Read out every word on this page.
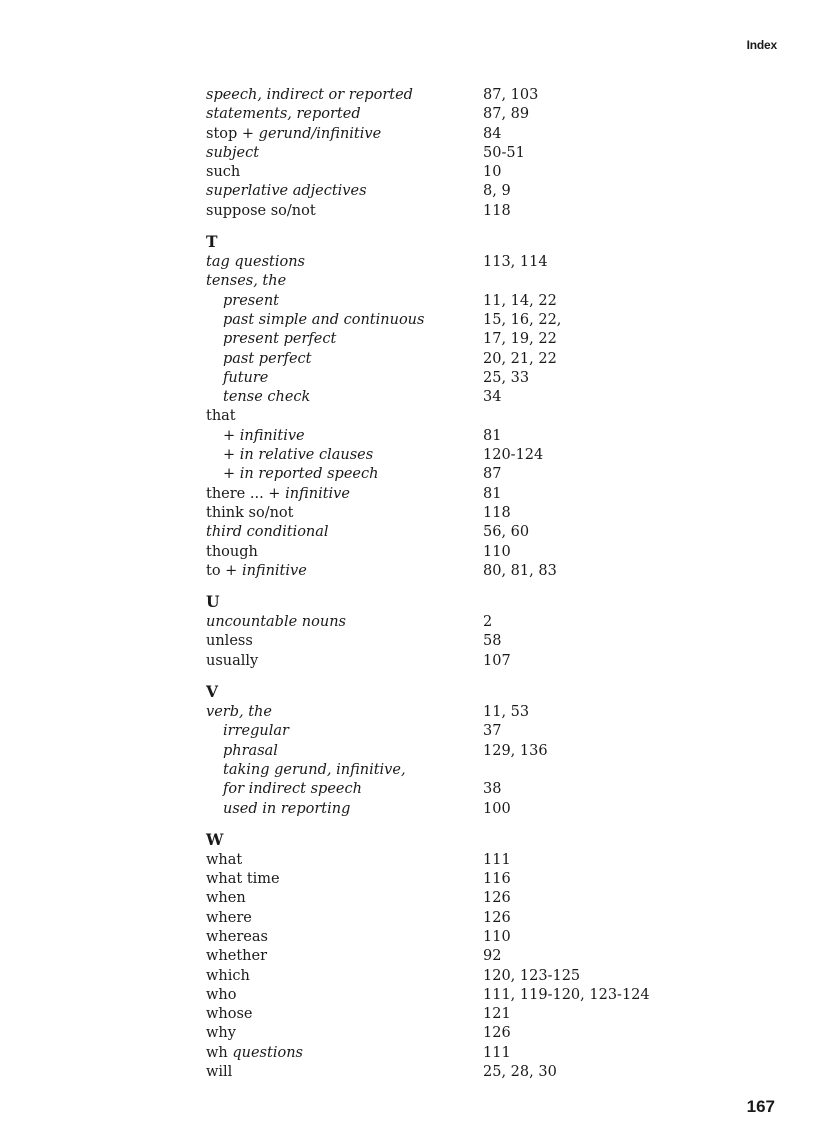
Index
speech, indirect or reported	87, 103
statements, reported	87, 89
stop + gerund/infinitive	84
subject	50-51
such	10
superlative adjectives	8, 9
suppose so/not	118
T
tag questions	113, 114
tenses, the
present	11, 14, 22
past simple and continuous	15, 16, 22,
present perfect	17, 19, 22
past perfect	20, 21, 22
future	25, 33
tense check	34
that
+ infinitive	81
+ in relative clauses	120-124
+ in reported speech	87
there ... + infinitive	81
think so/not	118
third conditional	56, 60
though	110
to + infinitive	80, 81, 83
U
uncountable nouns	2
unless	58
usually	107
V
verb, the	11, 53
irregular	37
phrasal	129, 136
taking gerund, infinitive,
for indirect speech	38
used in reporting	100
W
what	111
what time	116
when	126
where	126
whereas	110
whether	92
which	120, 123-125
who	111, 119-120, 123-124
whose	121
why	126
wh questions	111
will	25, 28, 30
167
